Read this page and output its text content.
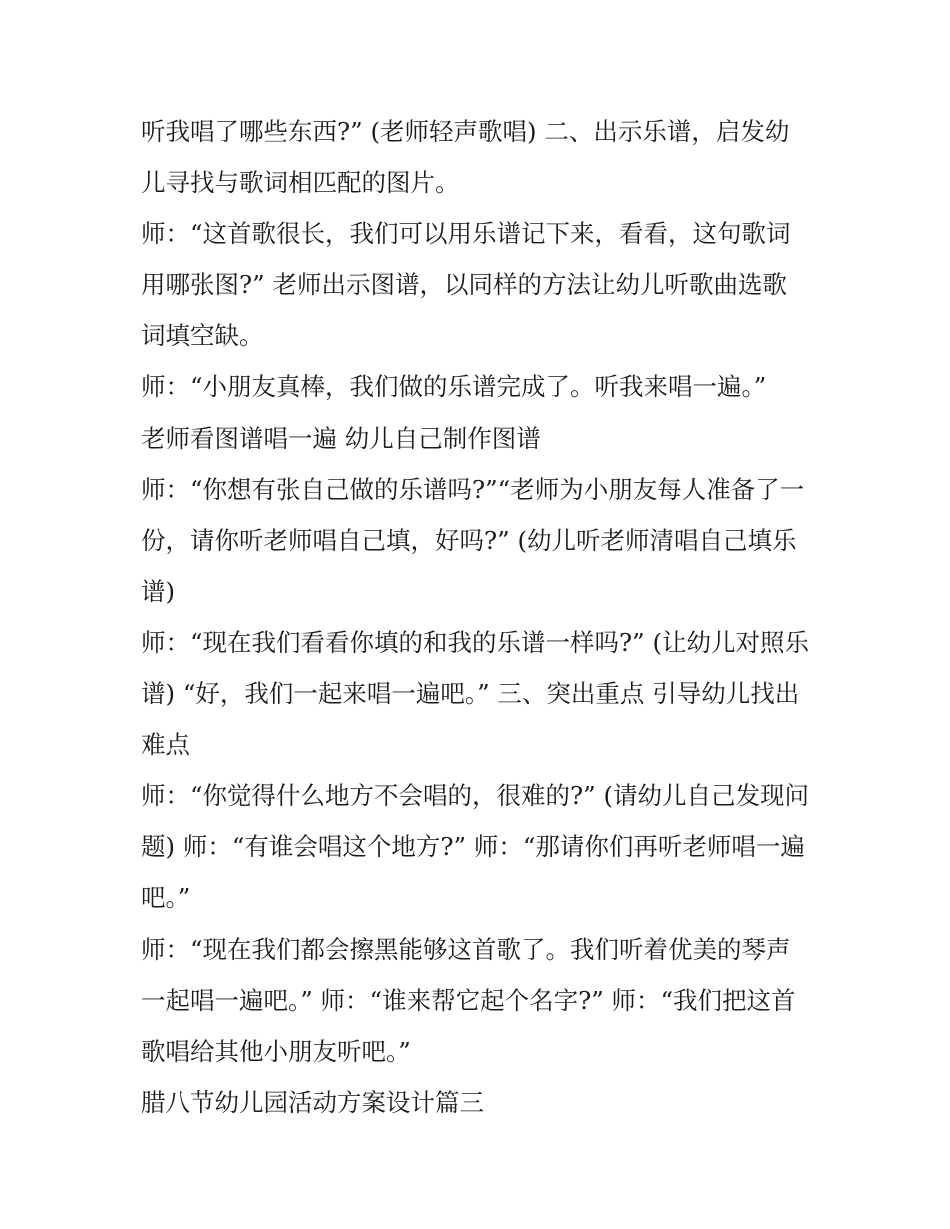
听我唱了哪些东西?” (老师轻声歌唱) 二、出示乐谱，启发幼

儿寻找与歌词相匹配的图片。

师：“这首歌很长，我们可以用乐谱记下来，看看，这句歌词

用哪张图?” 老师出示图谱，以同样的方法让幼儿听歌曲选歌

词填空缺。

师：“小朋友真棒，我们做的乐谱完成了。听我来唱一遍。”

老师看图谱唱一遍 幼儿自己制作图谱

师：“你想有张自己做的乐谱吗?”“老师为小朋友每人准备了一

份，请你听老师唱自己填，好吗?” (幼儿听老师清唱自己填乐

谱)

师：“现在我们看看你填的和我的乐谱一样吗?” (让幼儿对照乐

谱) “好，我们一起来唱一遍吧。” 三、突出重点 引导幼儿找出

难点

师：“你觉得什么地方不会唱的，很难的?” (请幼儿自己发现问

题) 师：“有谁会唱这个地方?” 师：“那请你们再听老师唱一遍

吧。”

师：“现在我们都会擦黑能够这首歌了。我们听着优美的琴声

一起唱一遍吧。” 师：“谁来帮它起个名字?” 师：“我们把这首

歌唱给其他小朋友听吧。”

腊八节幼儿园活动方案设计篇三
